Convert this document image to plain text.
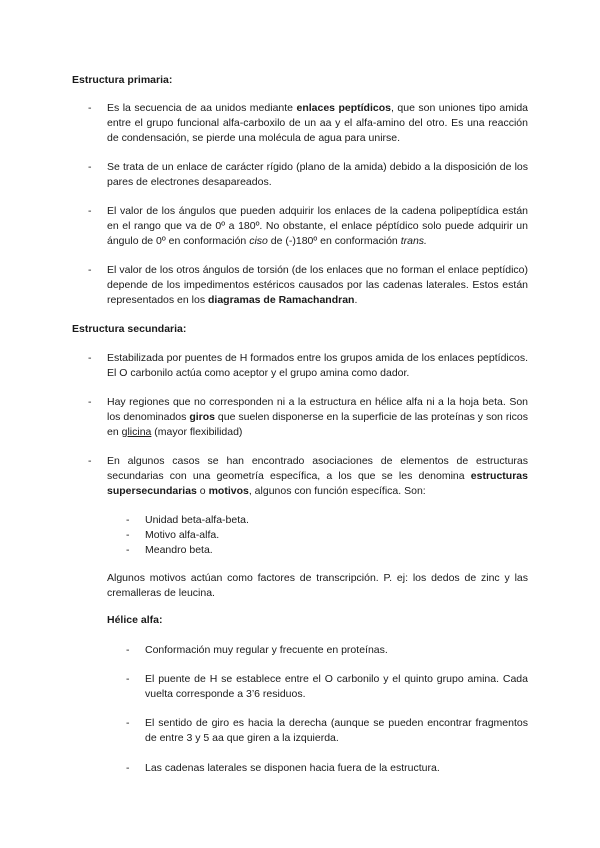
Estructura primaria:
- Es la secuencia de aa unidos mediante enlaces peptídicos, que son uniones tipo amida entre el grupo funcional alfa-carboxilo de un aa y el alfa-amino del otro. Es una reacción de condensación, se pierde una molécula de agua para unirse.
- Se trata de un enlace de carácter rígido (plano de la amida) debido a la disposición de los pares de electrones desapareados.
- El valor de los ángulos que pueden adquirir los enlaces de la cadena polipeptídica están en el rango que va de 0º a 180º. No obstante, el enlace péptídico solo puede adquirir un ángulo de 0º en conformación ciso de (-)180º en conformación trans.
- El valor de los otros ángulos de torsión (de los enlaces que no forman el enlace peptídico) depende de los impedimentos estéricos causados por las cadenas laterales. Estos están representados en los diagramas de Ramachandran.
Estructura secundaria:
- Estabilizada por puentes de H formados entre los grupos amida de los enlaces peptídicos. El O carbonilo actúa como aceptor y el grupo amina como dador.
- Hay regiones que no corresponden ni a la estructura en hélice alfa ni a la hoja beta. Son los denominados giros que suelen disponerse en la superficie de las proteínas y son ricos en glicina (mayor flexibilidad)
- En algunos casos se han encontrado asociaciones de elementos de estructuras secundarias con una geometría específica, a los que se les denomina estructuras supersecundarias o motivos, algunos con función específica. Son:
- Unidad beta-alfa-beta.
- Motivo alfa-alfa.
- Meandro beta.
Algunos motivos actúan como factores de transcripción. P. ej: los dedos de zinc y las cremalleras de leucina.
Hélice alfa:
- Conformación muy regular y frecuente en proteínas.
- El puente de H se establece entre el O carbonilo y el quinto grupo amina. Cada vuelta corresponde a 3’6 residuos.
- El sentido de giro es hacia la derecha (aunque se pueden encontrar fragmentos de entre 3 y 5 aa que giren a la izquierda.
- Las cadenas laterales se disponen hacia fuera de la estructura.
